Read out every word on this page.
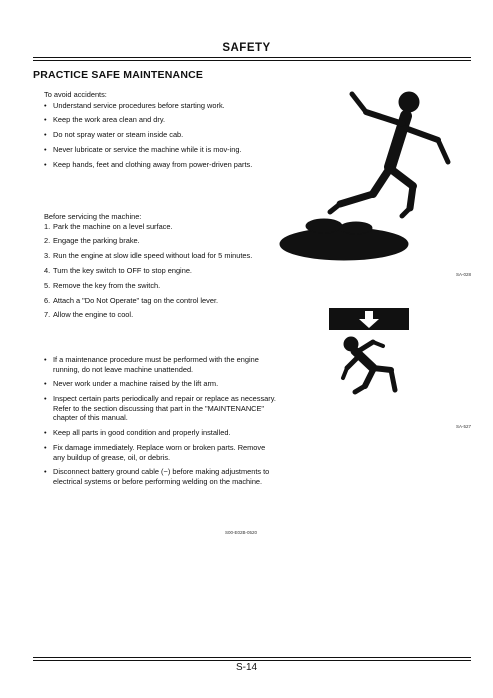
SAFETY
PRACTICE SAFE MAINTENANCE

To avoid accidents:

• Understand service procedures before starting work.
• Keep the work area clean and dry.
• Do not spray water or steam inside cab.
• Never lubricate or service the machine while it is mov-ing.
• Keep hands, feet and clothing away from power-driven parts.

Before servicing the machine:

1. Park the machine on a level surface.
2. Engage the parking brake.
3. Run the engine at slow idle speed without load for 5 minutes.
4. Turn the key switch to OFF to stop engine.
5. Remove the key from the switch.
6. Attach a "Do Not Operate" tag on the control lever.
7. Allow the engine to cool.
• If a maintenance procedure must be performed with the engine running, do not leave machine unattended.
• Never work under a machine raised by the lift arm.
• Inspect certain parts periodically and repair or replace as necessary. Refer to the section discussing that part in the "MAINTENANCE" chapter of this manual.
• Keep all parts in good condition and properly installed.
• Fix damage immediately. Replace worn or broken parts. Remove any buildup of grease, oil, or debris.
• Disconnect battery ground cable (−) before making adjustments to electrical systems or before performing welding on the machine.
SA-028
SA-527
S00-E02B-0520
S-14
